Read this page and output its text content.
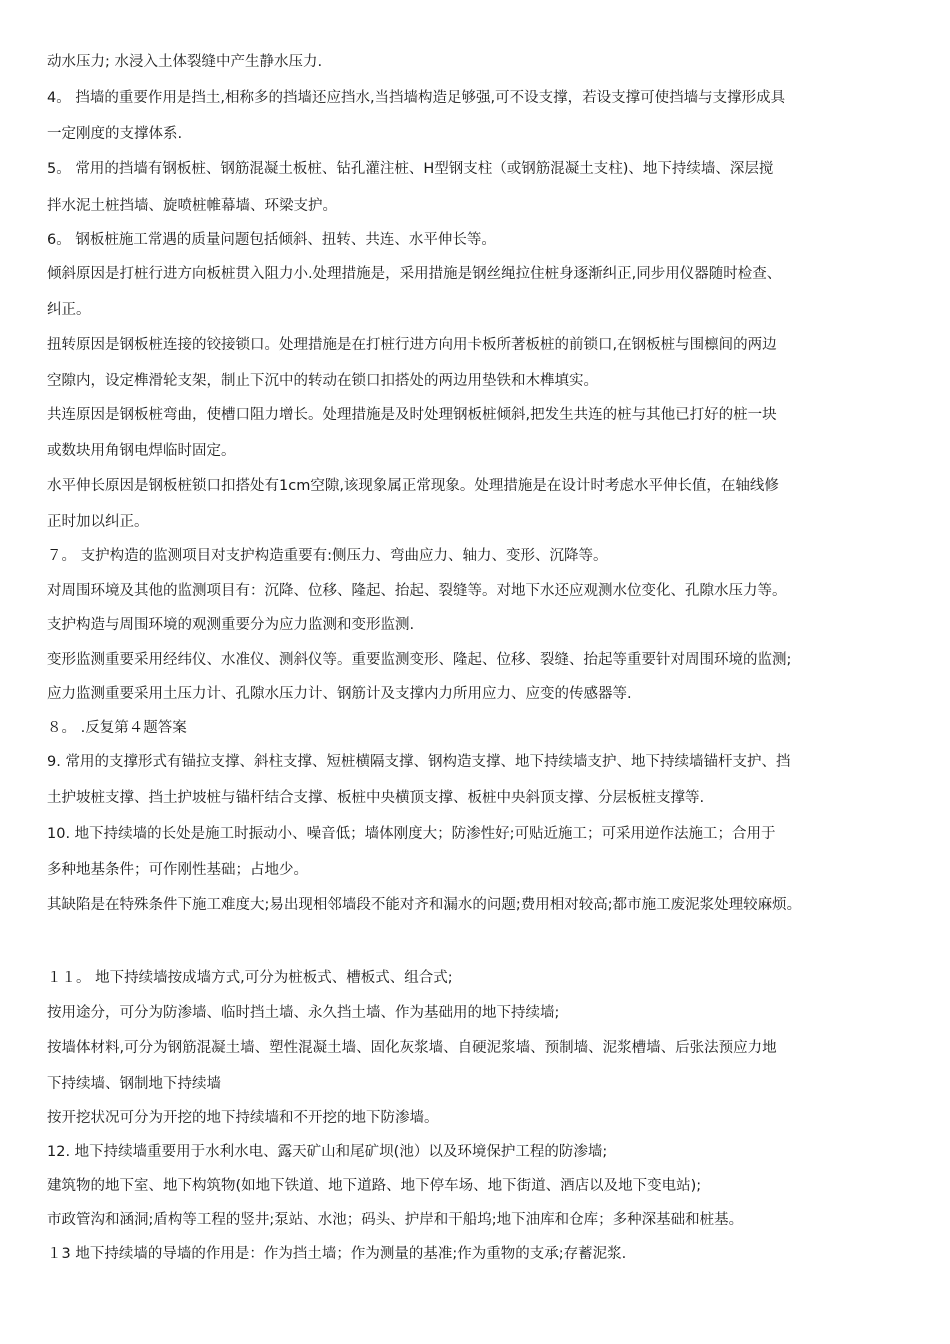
动水压力; 水浸入土体裂缝中产生静水压力.
4。 挡墙的重要作用是挡土,相称多的挡墙还应挡水,当挡墙构造足够强,可不设支撑，若设支撑可使挡墙与支撑形成具
一定刚度的支撑体系.
5。 常用的挡墙有钢板桩、钢筋混凝土板桩、钻孔灌注桩、H型钢支柱（或钢筋混凝土支柱)、地下持续墙、深层搅
拌水泥土桩挡墙、旋喷桩帷幕墙、环梁支护。
6。 钢板桩施工常遇的质量问题包括倾斜、扭转、共连、水平伸长等。
倾斜原因是打桩行进方向板桩贯入阻力小.处理措施是，采用措施是钢丝绳拉住桩身逐渐纠正,同步用仪器随时检查、
纠正。
扭转原因是钢板桩连接的铰接锁口。处理措施是在打桩行进方向用卡板所著板桩的前锁口,在钢板桩与围檩间的两边
空隙内，设定榫滑轮支架，制止下沉中的转动在锁口扣搭处的两边用垫铁和木榫填实。
共连原因是钢板桩弯曲，使槽口阻力增长。处理措施是及时处理钢板桩倾斜,把发生共连的桩与其他已打好的桩一块
或数块用角钢电焊临时固定。
水平伸长原因是钢板桩锁口扣搭处有1cm空隙,该现象属正常现象。处理措施是在设计时考虑水平伸长值，在轴线修
正时加以纠正。
７。 支护构造的监测项目对支护构造重要有:侧压力、弯曲应力、轴力、变形、沉降等。
对周围环境及其他的监测项目有：沉降、位移、隆起、抬起、裂缝等。对地下水还应观测水位变化、孔隙水压力等。
支护构造与周围环境的观测重要分为应力监测和变形监测.
变形监测重要采用经纬仪、水准仪、测斜仪等。重要监测变形、隆起、位移、裂缝、抬起等重要针对周围环境的监测;
应力监测重要采用土压力计、孔隙水压力计、钢筋计及支撑内力所用应力、应变的传感器等.
８。 .反复第４题答案
9. 常用的支撑形式有锚拉支撑、斜柱支撑、短桩横隔支撑、钢构造支撑、地下持续墙支护、地下持续墙锚杆支护、挡
土护坡桩支撑、挡土护坡桩与锚杆结合支撑、板桩中央横顶支撑、板桩中央斜顶支撑、分层板桩支撑等.
10. 地下持续墙的长处是施工时振动小、噪音低；墙体刚度大；防渗性好;可贴近施工；可采用逆作法施工；合用于
多种地基条件；可作刚性基础；占地少。
其缺陷是在特殊条件下施工难度大;易出现相邻墙段不能对齐和漏水的问题;费用相对较高;都市施工废泥浆处理较麻烦。
１１。 地下持续墙按成墙方式,可分为桩板式、槽板式、组合式;
按用途分，可分为防渗墙、临时挡土墙、永久挡土墙、作为基础用的地下持续墙;
按墙体材料,可分为钢筋混凝土墙、塑性混凝土墙、固化灰浆墙、自硬泥浆墙、预制墙、泥浆槽墙、后张法预应力地
下持续墙、钢制地下持续墙
按开挖状况可分为开挖的地下持续墙和不开挖的地下防渗墙。
12. 地下持续墙重要用于水利水电、露天矿山和尾矿坝(池）以及环境保护工程的防渗墙;
建筑物的地下室、地下构筑物(如地下铁道、地下道路、地下停车场、地下街道、酒店以及地下变电站);
市政管沟和涵洞;盾构等工程的竖井;泵站、水池；码头、护岸和干船坞;地下油库和仓库；多种深基础和桩基。
１3 地下持续墙的导墙的作用是：作为挡土墙；作为测量的基准;作为重物的支承;存蓄泥浆.
